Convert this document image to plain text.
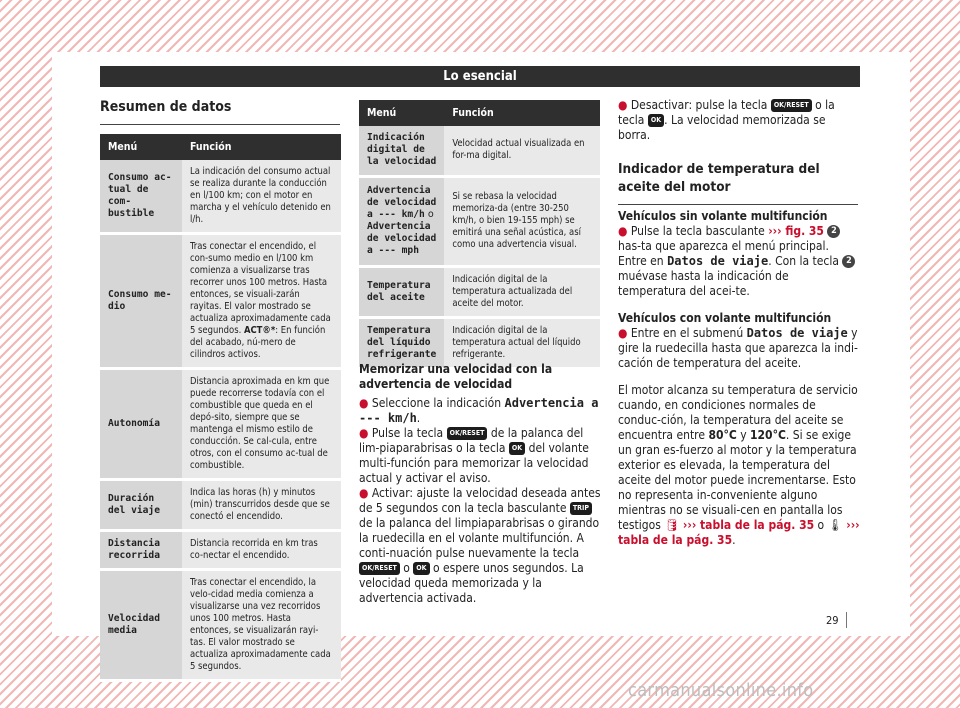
Lo esencial
Resumen de datos
Menú	Función
Consumo ac-tual de com-bustible	La indicación del consumo actual se realiza durante la conducción en l/100 km; con el motor en marcha y el vehículo detenido en l/h.
Consumo me-dio	Tras conectar el encendido, el con-sumo medio en l/100 km comienza a visualizarse tras recorrer unos 100 metros. Hasta entonces, se visuali-zarán rayitas. El valor mostrado se actualiza aproximadamente cada 5 segundos. ACT®*: En función del acabado, nú-mero de cilindros activos.
Autonomía	Distancia aproximada en km que puede recorrerse todavía con el combustible que queda en el depó-sito, siempre que se mantenga el mismo estilo de conducción. Se cal-cula, entre otros, con el consumo ac-tual de combustible.
Duración del viaje	Indica las horas (h) y minutos (min) transcurridos desde que se conectó el encendido.
Distancia recorrida	Distancia recorrida en km tras co-nectar el encendido.
Velocidad media	Tras conectar el encendido, la velo-cidad media comienza a visualizarse una vez recorridos unos 100 metros. Hasta entonces, se visualizarán rayi-tas. El valor mostrado se actualiza aproximadamente cada 5 segundos.
Menú	Función
Indicación digital de la velocidad	Velocidad actual visualizada en for-ma digital.
Advertencia de velocidad a --- km/h o Advertencia de velocidad a --- mph	Si se rebasa la velocidad memoriza-da (entre 30-250 km/h, o bien 19-155 mph) se emitirá una señal acústica, así como una advertencia visual.
Temperatura del aceite	Indicación digital de la temperatura actualizada del aceite del motor.
Temperatura del líquido refrigerante	Indicación digital de la temperatura actual del líquido refrigerante.

Memorizar una velocidad con la advertencia de velocidad

● Seleccione la indicación Advertencia a --- km/h.

● Pulse la tecla OK/RESET de la palanca del lim-piaparabrisas o la tecla OK del volante multi-función para memorizar la velocidad actual y activar el aviso.

● Activar: ajuste la velocidad deseada antes de 5 segundos con la tecla basculante TRIP de la palanca del limpiaparabrisas o girando la ruedecilla en el volante multifunción. A conti-nuación pulse nuevamente la tecla OK/RESET o OK o espere unos segundos. La velocidad queda memorizada y la advertencia activada.

● Desactivar: pulse la tecla OK/RESET o la tecla OK . La velocidad memorizada se borra.

Indicador de temperatura del aceite del motor

Vehículos sin volante multifunción

● Pulse la tecla basculante ››› fig. 35 2 has-ta que aparezca el menú principal. Entre en Datos de viaje. Con la tecla 2 muévase hasta la indicación de temperatura del acei-te.

Vehículos con volante multifunción

● Entre en el submenú Datos de viaje y gire la ruedecilla hasta que aparezca la indi-cación de temperatura del aceite.

El motor alcanza su temperatura de servicio cuando, en condiciones normales de conduc-ción, la temperatura del aceite se encuentra entre 80°C y 120°C. Si se exige un gran es-fuerzo al motor y la temperatura exterior es elevada, la temperatura del aceite del motor puede incrementarse. Esto no representa in-conveniente alguno mientras no se visuali-cen en pantalla los testigos 🛢 ››› tabla de la pág. 35 o 🌡 ››› tabla de la pág. 35.

29
carmanualsonline.info
